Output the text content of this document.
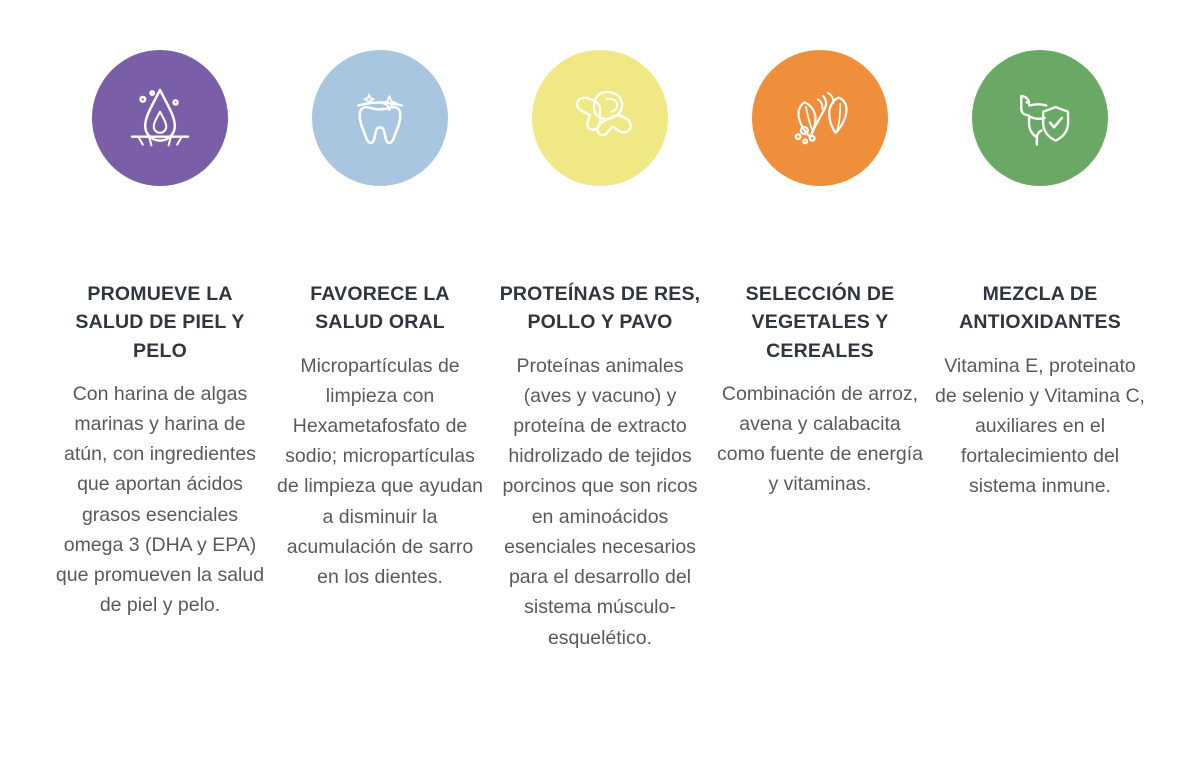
PROMUEVE LA SALUD DE PIEL Y PELO

Con harina de algas marinas y harina de atún, con ingredientes que aportan ácidos grasos esenciales omega 3 (DHA y EPA) que promueven la salud de piel y pelo.

FAVORECE LA SALUD ORAL

Micropartículas de limpieza con Hexametafosfato de sodio; micropartículas de limpieza que ayudan a disminuir la acumulación de sarro en los dientes.

PROTEÍNAS DE RES, POLLO Y PAVO

Proteínas animales (aves y vacuno) y proteína de extracto hidrolizado de tejidos porcinos que son ricos en aminoácidos esenciales necesarios para el desarrollo del sistema músculo-esquelético.

SELECCIÓN DE VEGETALES Y CEREALES

Combinación de arroz, avena y calabacita como fuente de energía y vitaminas.

MEZCLA DE ANTIOXIDANTES

Vitamina E, proteinato de selenio y Vitamina C, auxiliares en el fortalecimiento del sistema inmune.
